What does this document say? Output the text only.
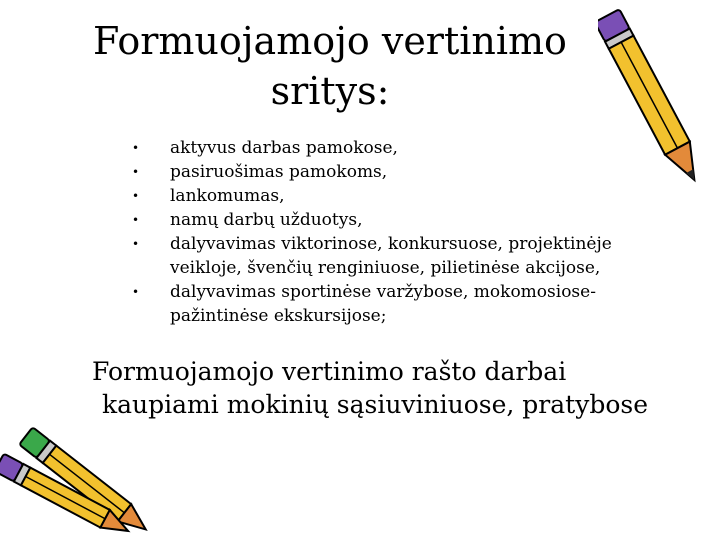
Formuojamojo vertinimo
sritys:
• aktyvus darbas pamokose,
• pasiruošimas pamokoms,
• lankomumas,
• namų darbų užduotys,
• dalyvavimas viktorinose, konkursuose, projektinėje
veikloje, švenčių renginiuose, pilietinėse akcijose,
• dalyvavimas sportinėse varžybose, mokomosiose-
pažintinėse ekskursijose;
Formuojamojo vertinimo rašto darbai
kaupiami mokinių sąsiuviniuose, pratybose
